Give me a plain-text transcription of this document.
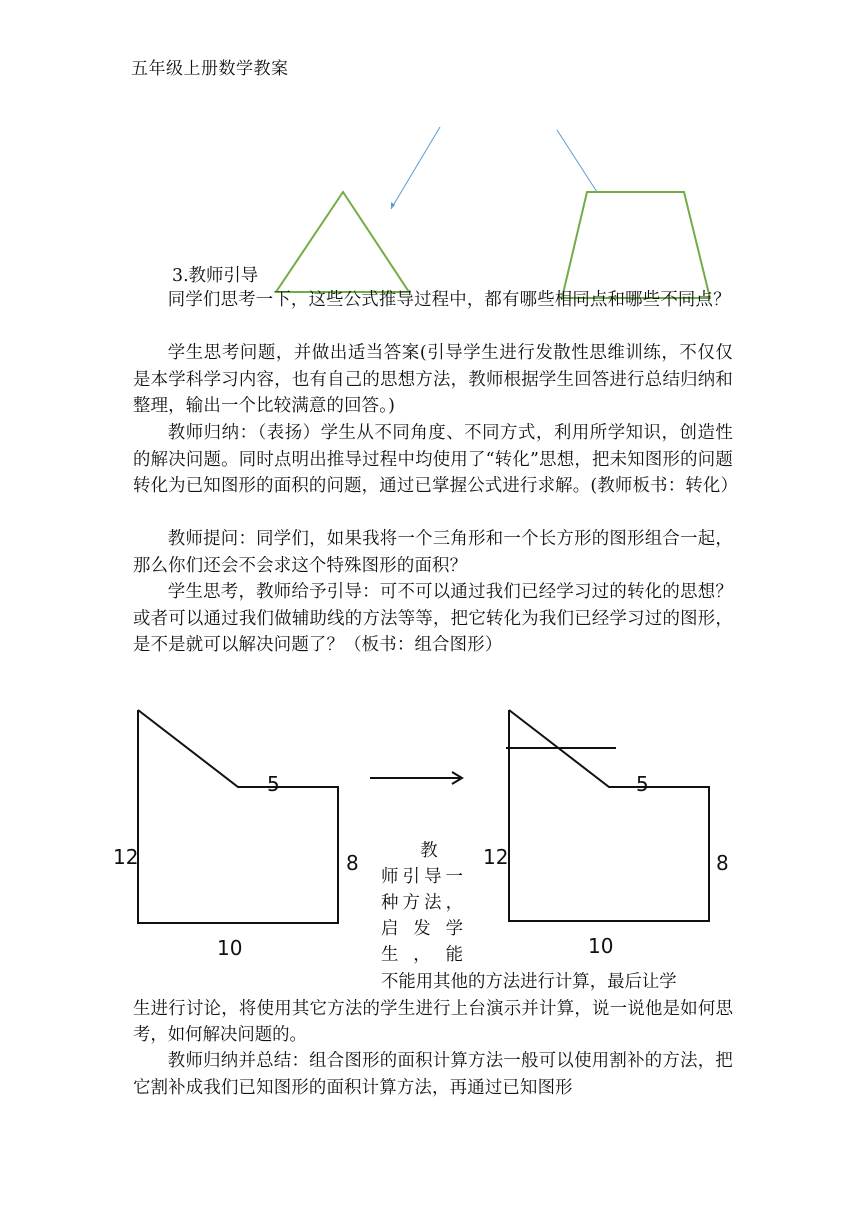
五年级上册数学教案
3.教师引导
同学们思考一下，这些公式推导过程中，都有哪些相同点和哪些不同点？
学生思考问题，并做出适当答案(引导学生进行发散性思维训练，不仅仅是本学科学习内容，也有自己的思想方法，教师根据学生回答进行总结归纳和整理，输出一个比较满意的回答。)
教师归纳：（表扬）学生从不同角度、不同方式，利用所学知识，创造性的解决问题。同时点明出推导过程中均使用了“转化”思想，把未知图形的问题转化为已知图形的面积的问题，通过已掌握公式进行求解。(教师板书：转化）
教师提问：同学们，如果我将一个三角形和一个长方形的图形组合一起，那么你们还会不会求这个特殊图形的面积？
学生思考，教师给予引导：可不可以通过我们已经学习过的转化的思想？或者可以通过我们做辅助线的方法等等，把它转化为我们已经学习过的图形，是不是就可以解决问题了？（板书：组合图形）
5
12	8
10
5
12	8
10
教
师引导一种方法，启发学生，能
不能用其他的方法进行计算，最后让学
生进行讨论，将使用其它方法的学生进行上台演示并计算，说一说他是如何思考，如何解决问题的。
教师归纳并总结：组合图形的面积计算方法一般可以使用割补的方法，把它割补成我们已知图形的面积计算方法，再通过已知图形
